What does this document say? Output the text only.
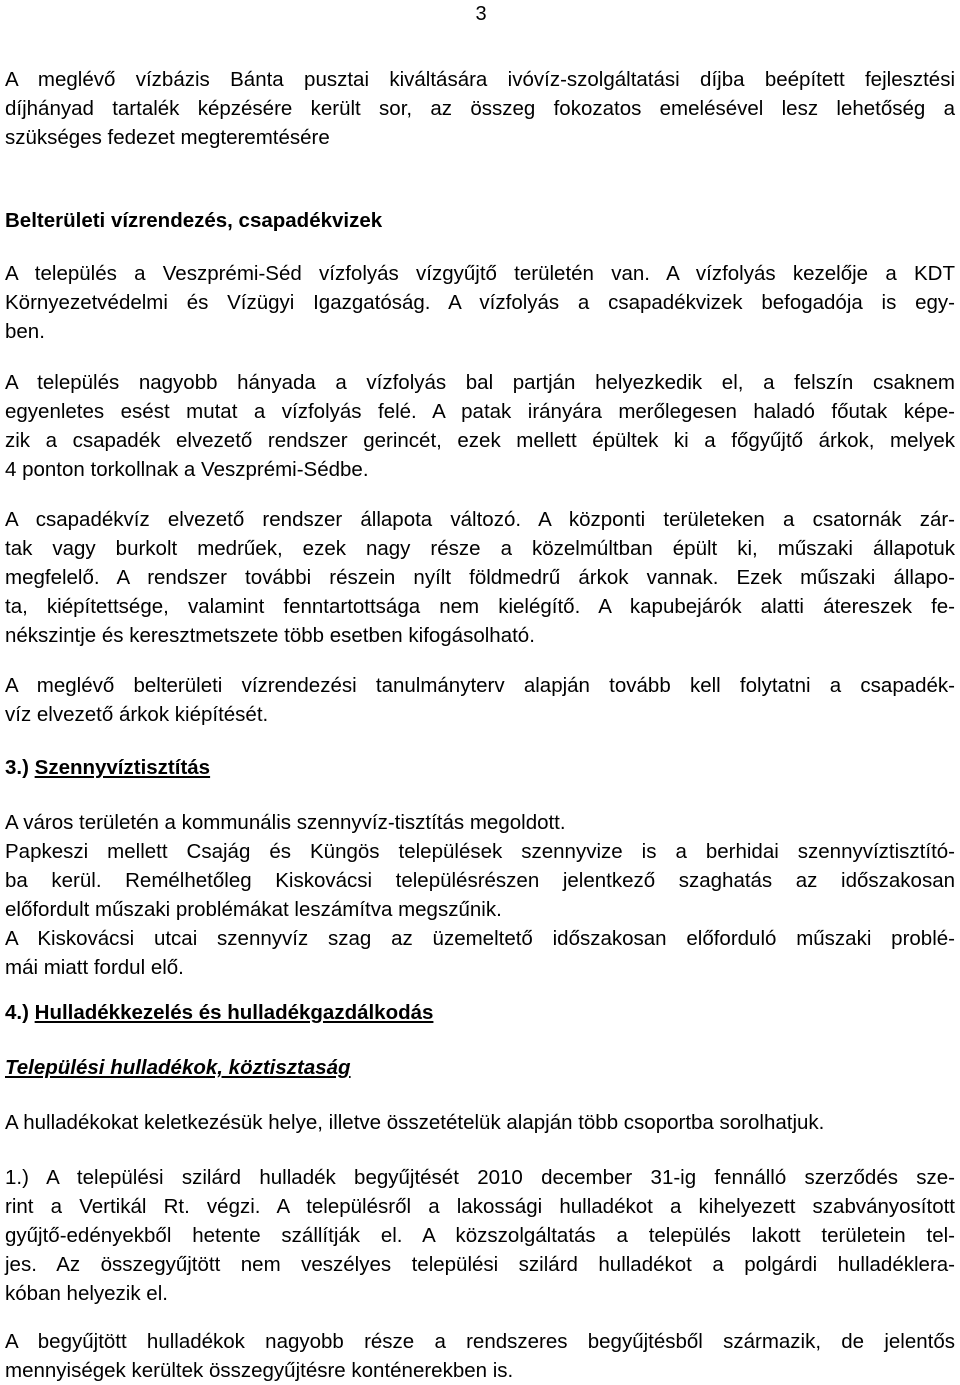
3
A meglévő vízbázis Bánta pusztai kiváltására ivóvíz-szolgáltatási díjba beépített fejlesztési
díjhányad tartalék képzésére került sor, az összeg fokozatos emelésével lesz lehetőség a
szükséges fedezet megteremtésére
Belterületi vízrendezés, csapadékvizek
A település a Veszprémi-Séd vízfolyás vízgyűjtő területén van. A vízfolyás kezelője a KDT
Környezetvédelmi és Vízügyi Igazgatóság. A vízfolyás a csapadékvizek befogadója is egy-
ben.
A település nagyobb hányada a vízfolyás bal partján helyezkedik el, a felszín csaknem
egyenletes esést mutat a vízfolyás felé. A patak irányára merőlegesen haladó főutak képe-
zik a csapadék elvezető rendszer gerincét, ezek mellett épültek ki a főgyűjtő árkok, melyek
4 ponton torkollnak a Veszprémi-Sédbe.
A csapadékvíz elvezető rendszer állapota változó. A központi területeken a csatornák zár-
tak vagy burkolt medrűek, ezek nagy része a közelmúltban épült ki, műszaki állapotuk
megfelelő. A rendszer további részein nyílt földmedrű árkok vannak. Ezek műszaki állapo-
ta, kiépítettsége, valamint fenntartottsága nem kielégítő. A kapubejárók alatti átereszek fe-
nékszintje és keresztmetszete több esetben kifogásolható.
A meglévő belterületi vízrendezési tanulmányterv alapján tovább kell folytatni a csapadék-
víz elvezető árkok kiépítését.
3.) Szennyvíztisztítás
A város területén a kommunális szennyvíz-tisztítás megoldott.
Papkeszi mellett Csajág és Küngös települések szennyvize is a berhidai szennyvíztisztító-
ba kerül. Remélhetőleg Kiskovácsi településrészen jelentkező szaghatás az időszakosan
előfordult műszaki problémákat leszámítva megszűnik.
A Kiskovácsi utcai szennyvíz szag az üzemeltető időszakosan előforduló műszaki problé-
mái miatt fordul elő.
4.) Hulladékkezelés és hulladékgazdálkodás
Települési hulladékok, köztisztaság
A hulladékokat keletkezésük helye, illetve összetételük alapján több csoportba sorolhatjuk.
1.) A települési szilárd hulladék begyűjtését 2010 december 31-ig fennálló szerződés sze-
rint a Vertikál Rt. végzi. A településről a lakossági hulladékot a kihelyezett szabványosított
gyűjtő-edényekből hetente szállítják el. A közszolgáltatás a település lakott területein tel-
jes. Az összegyűjtött nem veszélyes települési szilárd hulladékot a polgárdi hulladéklera-
kóban helyezik el.
A begyűjtött hulladékok nagyobb része a rendszeres begyűjtésből származik, de jelentős
mennyiségek kerültek összegyűjtésre konténerekben is.
